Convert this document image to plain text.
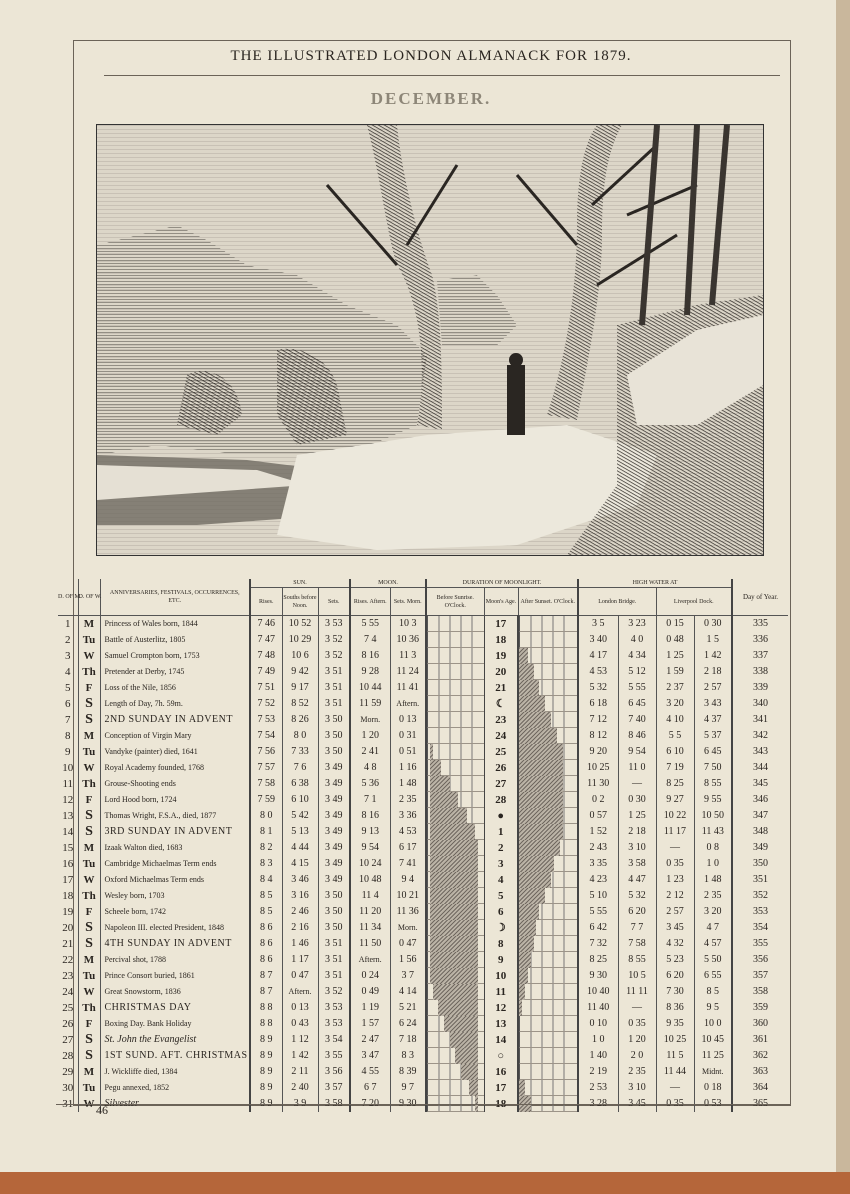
THE ILLUSTRATED LONDON ALMANACK FOR 1879.
DECEMBER.
D. OF M.	D. OF W.	ANNIVERSARIES, FESTIVALS, OCCURRENCES, ETC.	SUN.			MOON.		DURATION OF MOONLIGHT.			HIGH WATER AT				Day of Year.
			Rises.	Souths before Noon.	Sets.	Rises. Aftern.	Sets. Morn.	Before Sunrise. O'Clock.	Moon's Age.	After Sunset. O'Clock.	London Bridge.		Liverpool Dock.		
1	M	Princess of Wales born, 1844	7 46	10 52	3 53	5 55	10 3		17		3 5	3 23	0 15	0 30	335
2	Tu	Battle of Austerlitz, 1805	7 47	10 29	3 52	7 4	10 36		18		3 40	4 0	0 48	1 5	336
3	W	Samuel Crompton born, 1753	7 48	10 6	3 52	8 16	11 3		19		4 17	4 34	1 25	1 42	337
4	Th	Pretender at Derby, 1745	7 49	9 42	3 51	9 28	11 24		20		4 53	5 12	1 59	2 18	338
5	F	Loss of the Nile, 1856	7 51	9 17	3 51	10 44	11 41		21		5 32	5 55	2 37	2 57	339
6	S	Length of Day, 7h. 59m.	7 52	8 52	3 51	11 59	Aftern.		☾		6 18	6 45	3 20	3 43	340
7	S	2ND SUNDAY IN ADVENT	7 53	8 26	3 50	Morn.	0 13		23		7 12	7 40	4 10	4 37	341
8	M	Conception of Virgin Mary	7 54	8 0	3 50	1 20	0 31		24		8 12	8 46	5 5	5 37	342
9	Tu	Vandyke (painter) died, 1641	7 56	7 33	3 50	2 41	0 51		25		9 20	9 54	6 10	6 45	343
10	W	Royal Academy founded, 1768	7 57	7 6	3 49	4 8	1 16		26		10 25	11 0	7 19	7 50	344
11	Th	Grouse-Shooting ends	7 58	6 38	3 49	5 36	1 48		27		11 30	—	8 25	8 55	345
12	F	Lord Hood born, 1724	7 59	6 10	3 49	7 1	2 35		28		0 2	0 30	9 27	9 55	346
13	S	Thomas Wright, F.S.A., died, 1877	8 0	5 42	3 49	8 16	3 36		●		0 57	1 25	10 22	10 50	347
14	S	3RD SUNDAY IN ADVENT	8 1	5 13	3 49	9 13	4 53		1		1 52	2 18	11 17	11 43	348
15	M	Izaak Walton died, 1683	8 2	4 44	3 49	9 54	6 17		2		2 43	3 10	—	0 8	349
16	Tu	Cambridge Michaelmas Term ends	8 3	4 15	3 49	10 24	7 41		3		3 35	3 58	0 35	1 0	350
17	W	Oxford Michaelmas Term ends	8 4	3 46	3 49	10 48	9 4		4		4 23	4 47	1 23	1 48	351
18	Th	Wesley born, 1703	8 5	3 16	3 50	11 4	10 21		5		5 10	5 32	2 12	2 35	352
19	F	Scheele born, 1742	8 5	2 46	3 50	11 20	11 36		6		5 55	6 20	2 57	3 20	353
20	S	Napoleon III. elected President, 1848	8 6	2 16	3 50	11 34	Morn.		☽		6 42	7 7	3 45	4 7	354
21	S	4TH SUNDAY IN ADVENT	8 6	1 46	3 51	11 50	0 47		8		7 32	7 58	4 32	4 57	355
22	M	Percival shot, 1788	8 6	1 17	3 51	Aftern.	1 56		9		8 25	8 55	5 23	5 50	356
23	Tu	Prince Consort buried, 1861	8 7	0 47	3 51	0 24	3 7		10		9 30	10 5	6 20	6 55	357
24	W	Great Snowstorm, 1836	8 7	Aftern.	3 52	0 49	4 14		11		10 40	11 11	7 30	8 5	358
25	Th	CHRISTMAS DAY	8 8	0 13	3 53	1 19	5 21		12		11 40	—	8 36	9 5	359
26	F	Boxing Day. Bank Holiday	8 8	0 43	3 53	1 57	6 24		13		0 10	0 35	9 35	10 0	360
27	S	St. John the Evangelist	8 9	1 12	3 54	2 47	7 18		14		1 0	1 20	10 25	10 45	361
28	S	1ST SUND. AFT. CHRISTMAS	8 9	1 42	3 55	3 47	8 3		○		1 40	2 0	11 5	11 25	362
29	M	J. Wickliffe died, 1384	8 9	2 11	3 56	4 55	8 39		16		2 19	2 35	11 44	Midnt.	363
30	Tu	Pegu annexed, 1852	8 9	2 40	3 57	6 7	9 7		17		2 53	3 10	—	0 18	364
31	W	Silvester	8 9	3 9	3 58	7 20	9 30		18		3 28	3 45	0 35	0 53	365
46
